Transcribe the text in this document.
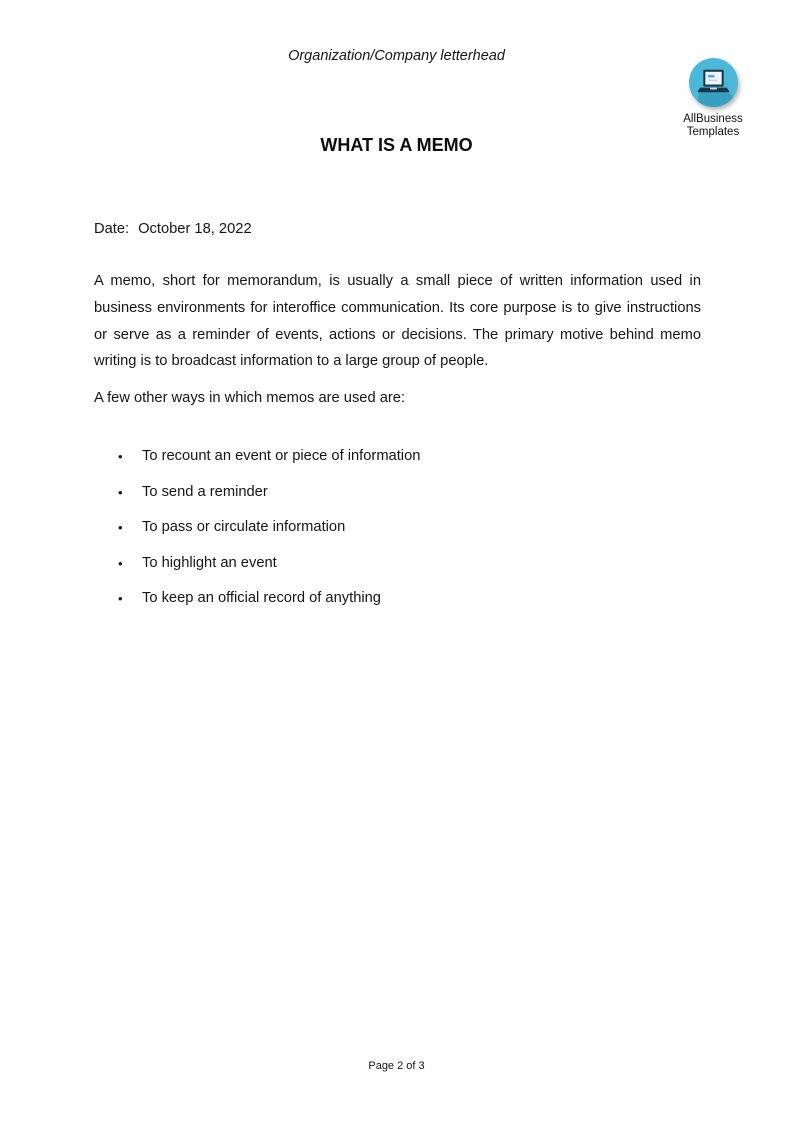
Organization/Company letterhead
AllBusiness
Templates
WHAT IS A MEMO
Date: October 18, 2022
A memo, short for memorandum, is usually a small piece of written information used in business environments for interoffice communication. Its core purpose is to give instructions or serve as a reminder of events, actions or decisions. The primary motive behind memo writing is to broadcast information to a large group of people.
A few other ways in which memos are used are:
•	To recount an event or piece of information
•	To send a reminder
•	To pass or circulate information
•	To highlight an event
•	To keep an official record of anything
Page 2 of 3
